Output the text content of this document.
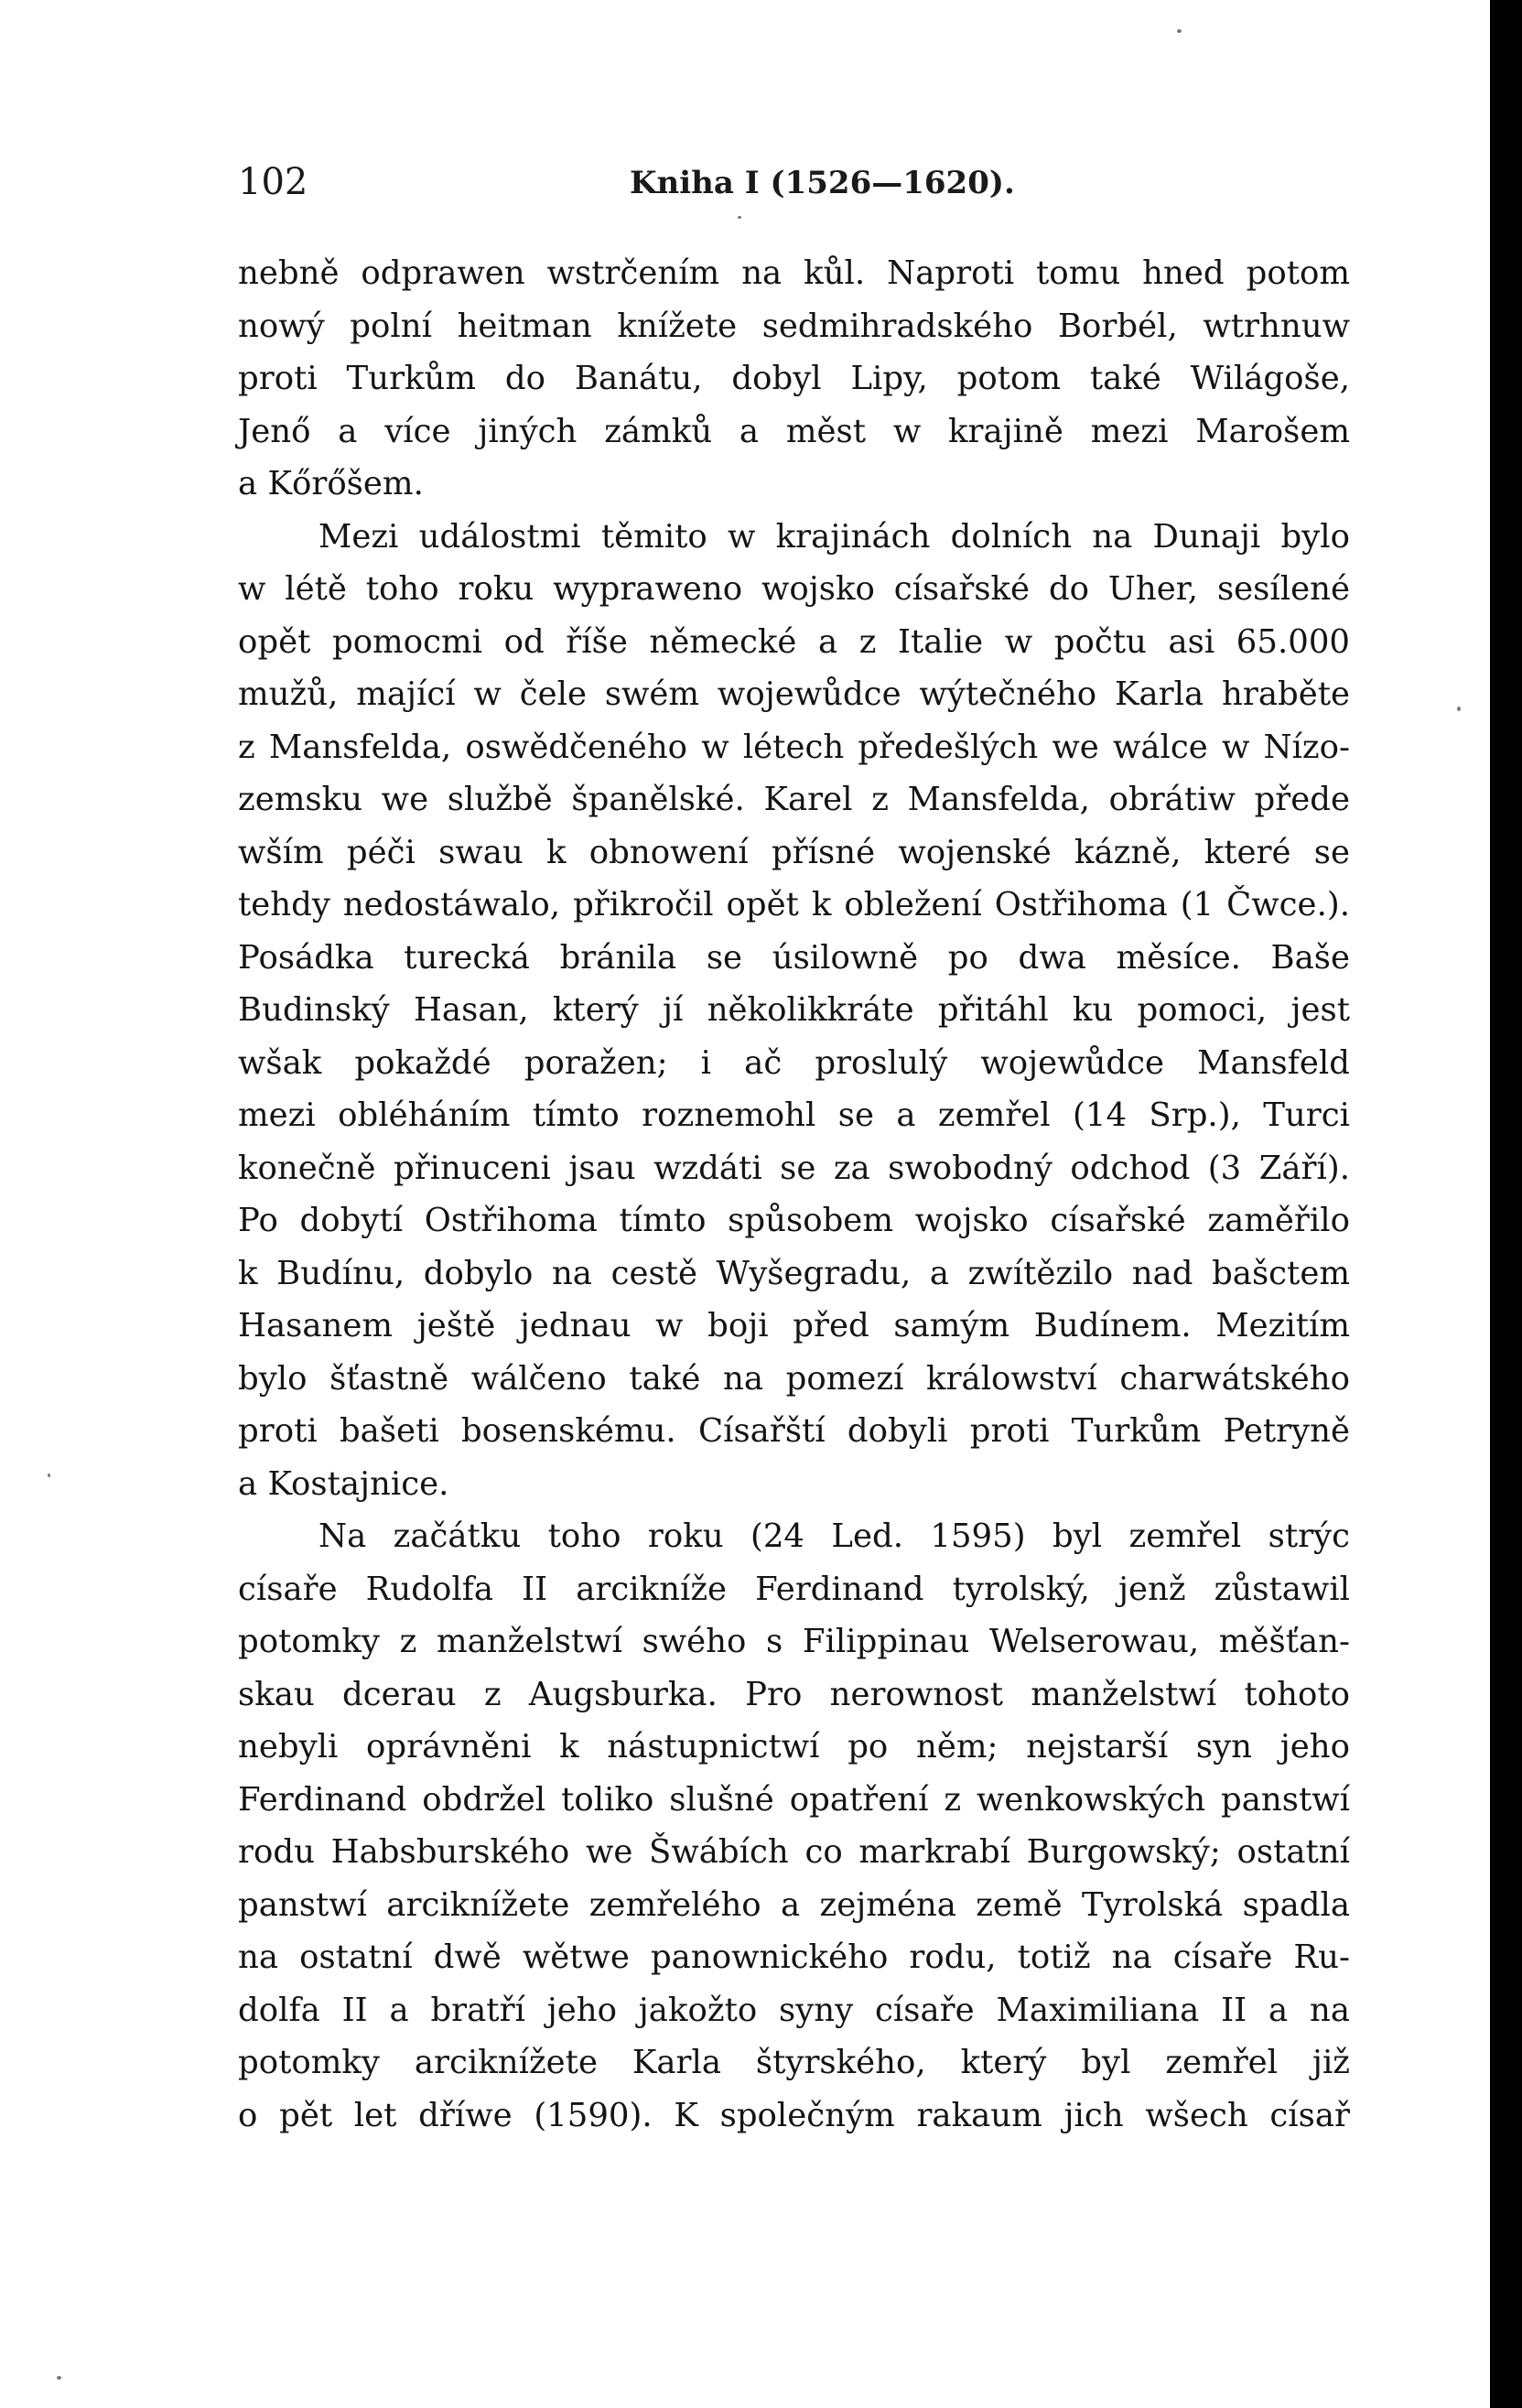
102	Kniha I (1526—1620).
nebně odprawen wstrčením na kůl. Naproti tomu hned potom
nowý polní heitman knížete sedmihradského Borbél, wtrhnuw
proti Turkům do Banátu, dobyl Lipy, potom také Wilágoše,
Jenő a více jiných zámků a měst w krajině mezi Marošem
a Kőrőšem.
Mezi událostmi těmito w krajinách dolních na Dunaji bylo
w létě toho roku wypraweno wojsko císařské do Uher, sesílené
opět pomocmi od říše německé a z Italie w počtu asi 65.000
mužů, mající w čele swém wojewůdce wýtečného Karla hraběte
z Mansfelda, oswědčeného w létech předešlých we wálce w Nízo-
zemsku we službě španělské. Karel z Mansfelda, obrátiw přede
wším péči swau k obnowení přísné wojenské kázně, které se
tehdy nedostáwalo, přikročil opět k obležení Ostřihoma (1 Čwce.).
Posádka turecká bránila se úsilowně po dwa měsíce. Baše
Budinský Hasan, který jí několikkráte přitáhl ku pomoci, jest
wšak pokaždé poražen; i ač proslulý wojewůdce Mansfeld
mezi obléháním tímto roznemohl se a zemřel (14 Srp.), Turci
konečně přinuceni jsau wzdáti se za swobodný odchod (3 Září).
Po dobytí Ostřihoma tímto spůsobem wojsko císařské zaměřilo
k Budínu, dobylo na cestě Wyšegradu, a zwítězilo nad bašctem
Hasanem ještě jednau w boji před samým Budínem. Mezitím
bylo šťastně wálčeno také na pomezí králowství charwátského
proti bašeti bosenskému. Císařští dobyli proti Turkům Petryně
a Kostajnice.
Na začátku toho roku (24 Led. 1595) byl zemřel strýc
císaře Rudolfa II arcikníže Ferdinand tyrolský, jenž zůstawil
potomky z manželstwí swého s Filippinau Welserowau, měšťan-
skau dcerau z Augsburka. Pro nerownost manželstwí tohoto
nebyli oprávněni k nástupnictwí po něm; nejstarší syn jeho
Ferdinand obdržel toliko slušné opatření z wenkowských panstwí
rodu Habsburského we Šwábích co markrabí Burgowský; ostatní
panstwí arciknížete zemřelého a zejména země Tyrolská spadla
na ostatní dwě wětwe panownického rodu, totiž na císaře Ru-
dolfa II a bratří jeho jakožto syny císaře Maximiliana II a na
potomky arciknížete Karla štyrského, který byl zemřel již
o pět let dříwe (1590). K společným rakaum jich wšech císař
